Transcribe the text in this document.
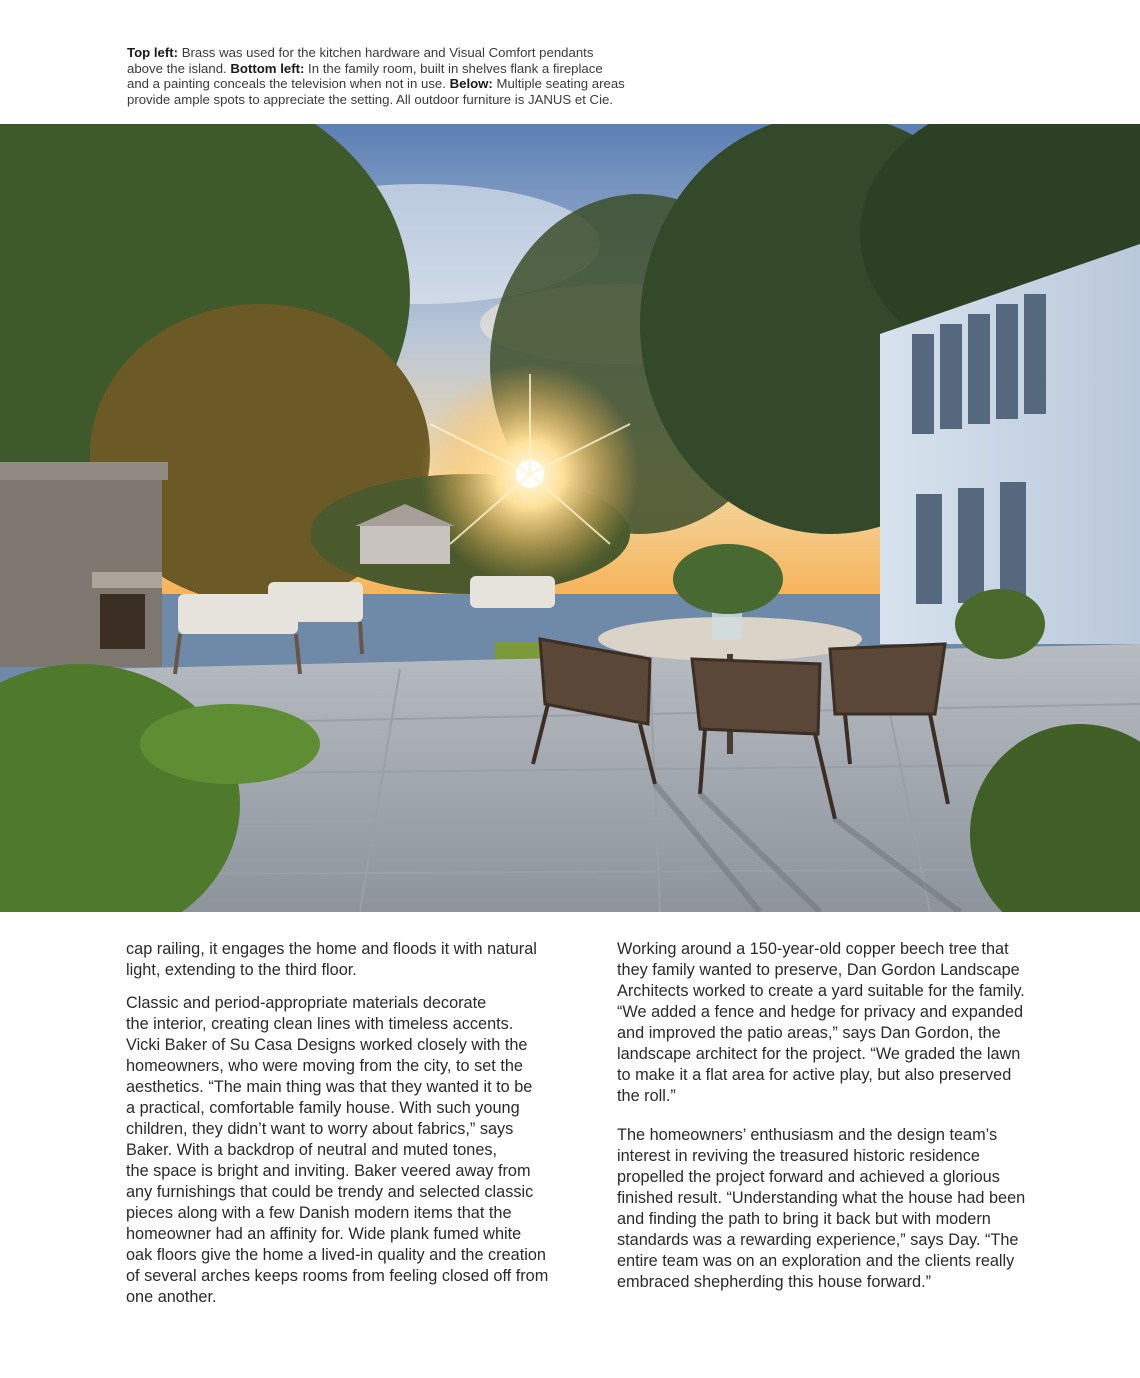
Top left: Brass was used for the kitchen hardware and Visual Comfort pendants
above the island. Bottom left: In the family room, built in shelves flank a fireplace
and a painting conceals the television when not in use. Below: Multiple seating areas
provide ample spots to appreciate the setting. All outdoor furniture is JANUS et Cie.

cap railing, it engages the home and floods it with natural
light, extending to the third floor.

Classic and period-appropriate materials decorate
the interior, creating clean lines with timeless accents.
Vicki Baker of Su Casa Designs worked closely with the
homeowners, who were moving from the city, to set the
aesthetics. “The main thing was that they wanted it to be
a practical, comfortable family house. With such young
children, they didn’t want to worry about fabrics,” says
Baker. With a backdrop of neutral and muted tones,
the space is bright and inviting. Baker veered away from
any furnishings that could be trendy and selected classic
pieces along with a few Danish modern items that the
homeowner had an affinity for. Wide plank fumed white
oak floors give the home a lived-in quality and the creation
of several arches keeps rooms from feeling closed off from
one another.

Working around a 150-year-old copper beech tree that
they family wanted to preserve, Dan Gordon Landscape
Architects worked to create a yard suitable for the family.
“We added a fence and hedge for privacy and expanded
and improved the patio areas,” says Dan Gordon, the
landscape architect for the project. “We graded the lawn
to make it a flat area for active play, but also preserved
the roll.”

The homeowners’ enthusiasm and the design team’s
interest in reviving the treasured historic residence
propelled the project forward and achieved a glorious
finished result. “Understanding what the house had been
and finding the path to bring it back but with modern
standards was a rewarding experience,” says Day. “The
entire team was on an exploration and the clients really
embraced shepherding this house forward.”
